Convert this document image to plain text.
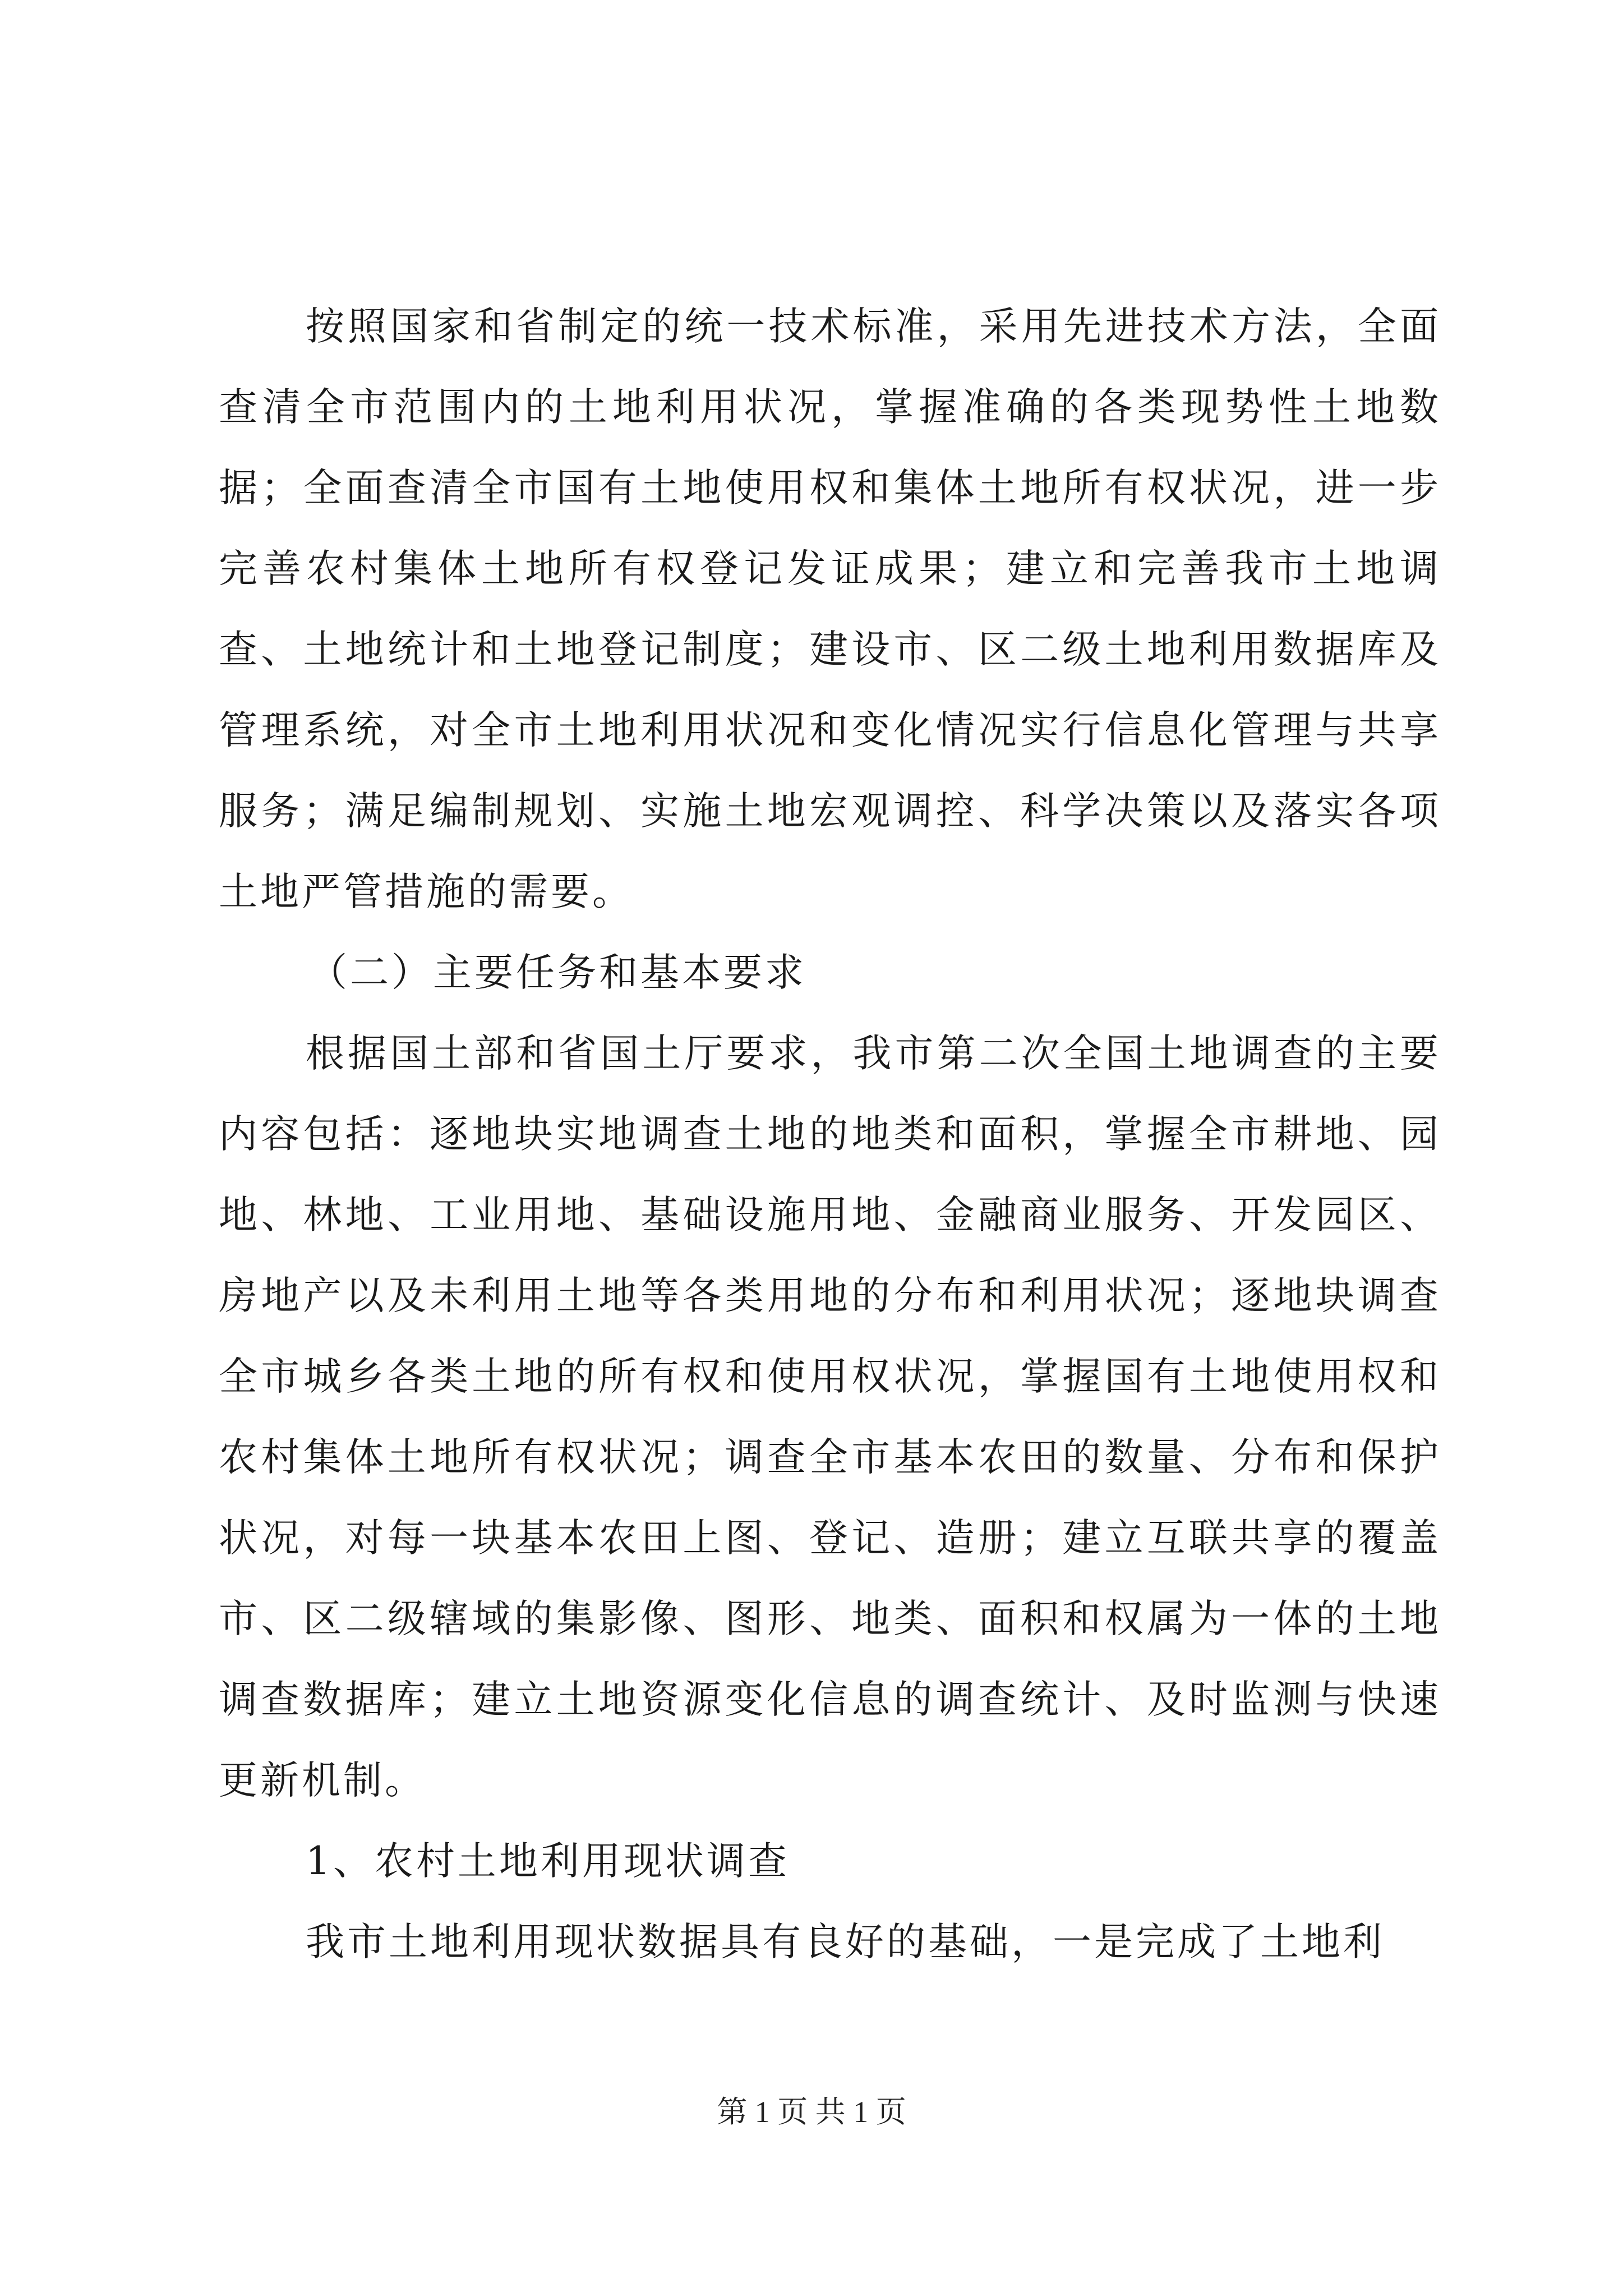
按照国家和省制定的统一技术标准，采用先进技术方法，全面查清全市范围内的土地利用状况，掌握准确的各类现势性土地数据；全面查清全市国有土地使用权和集体土地所有权状况，进一步完善农村集体土地所有权登记发证成果；建立和完善我市土地调查、土地统计和土地登记制度；建设市、区二级土地利用数据库及管理系统，对全市土地利用状况和变化情况实行信息化管理与共享服务；满足编制规划、实施土地宏观调控、科学决策以及落实各项土地严管措施的需要。

（二）主要任务和基本要求

根据国土部和省国土厅要求，我市第二次全国土地调查的主要内容包括：逐地块实地调查土地的地类和面积，掌握全市耕地、园地、林地、工业用地、基础设施用地、金融商业服务、开发园区、房地产以及未利用土地等各类用地的分布和利用状况；逐地块调查全市城乡各类土地的所有权和使用权状况，掌握国有土地使用权和农村集体土地所有权状况；调查全市基本农田的数量、分布和保护状况，对每一块基本农田上图、登记、造册；建立互联共享的覆盖市、区二级辖域的集影像、图形、地类、面积和权属为一体的土地调查数据库；建立土地资源变化信息的调查统计、及时监测与快速更新机制。

1、农村土地利用现状调查

我市土地利用现状数据具有良好的基础，一是完成了土地利

第 1 页 共 1 页
